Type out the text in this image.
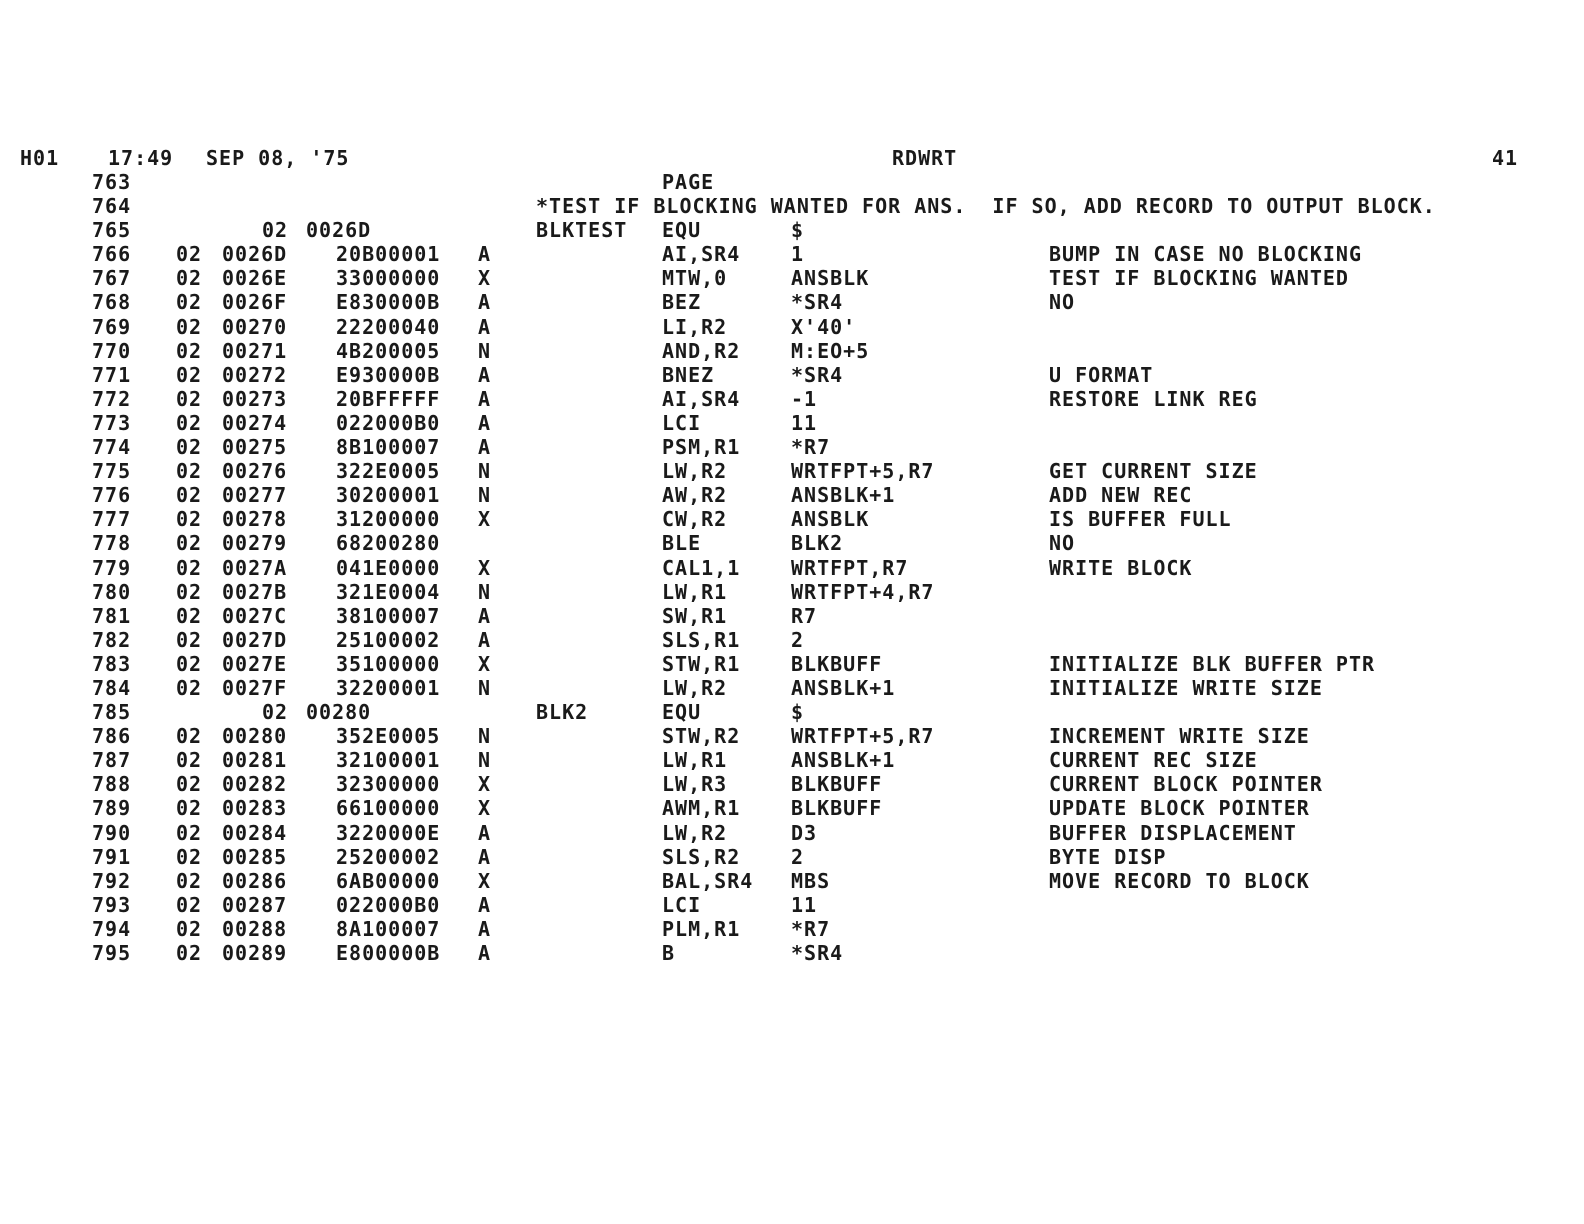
H01 17:49 SEP 08, '75	RDWRT	41
763	PAGE
764	*TEST IF BLOCKING WANTED FOR ANS.  IF SO, ADD RECORD TO OUTPUT BLOCK.
765	02 0026D	BLKTEST EQU	$
766 02 0026D 20B00001 A	AI,SR4	1	BUMP IN CASE NO BLOCKING
767 02 0026E 33000000 X	MTW,0	ANSBLK	TEST IF BLOCKING WANTED
768 02 0026F E830000B A	BEZ	*SR4	NO
769 02 00270 22200040 A	LI,R2	X'40'
770 02 00271 4B200005 N	AND,R2	M:EO+5
771 02 00272 E930000B A	BNEZ	*SR4	U FORMAT
772 02 00273 20BFFFFF A	AI,SR4	-1	RESTORE LINK REG
773 02 00274 022000B0 A	LCI	11
774 02 00275 8B100007 A	PSM,R1	*R7
775 02 00276 322E0005 N	LW,R2	WRTFPT+5,R7	GET CURRENT SIZE
776 02 00277 30200001 N	AW,R2	ANSBLK+1	ADD NEW REC
777 02 00278 31200000 X	CW,R2	ANSBLK	IS BUFFER FULL
778 02 00279 68200280	BLE	BLK2	NO
779 02 0027A 041E0000 X	CAL1,1	WRTFPT,R7	WRITE BLOCK
780 02 0027B 321E0004 N	LW,R1	WRTFPT+4,R7
781 02 0027C 38100007 A	SW,R1	R7
782 02 0027D 25100002 A	SLS,R1	2
783 02 0027E 35100000 X	STW,R1	BLKBUFF	INITIALIZE BLK BUFFER PTR
784 02 0027F 32200001 N	LW,R2	ANSBLK+1	INITIALIZE WRITE SIZE
785	02 00280	BLK2	EQU	$
786 02 00280 352E0005 N	STW,R2	WRTFPT+5,R7	INCREMENT WRITE SIZE
787 02 00281 32100001 N	LW,R1	ANSBLK+1	CURRENT REC SIZE
788 02 00282 32300000 X	LW,R3	BLKBUFF	CURRENT BLOCK POINTER
789 02 00283 66100000 X	AWM,R1	BLKBUFF	UPDATE BLOCK POINTER
790 02 00284 3220000E A	LW,R2	D3	BUFFER DISPLACEMENT
791 02 00285 25200002 A	SLS,R2	2	BYTE DISP
792 02 00286 6AB00000 X	BAL,SR4 MBS	MOVE RECORD TO BLOCK
793 02 00287 022000B0 A	LCI	11
794 02 00288 8A100007 A	PLM,R1	*R7
795 02 00289 E800000B A	B	*SR4
